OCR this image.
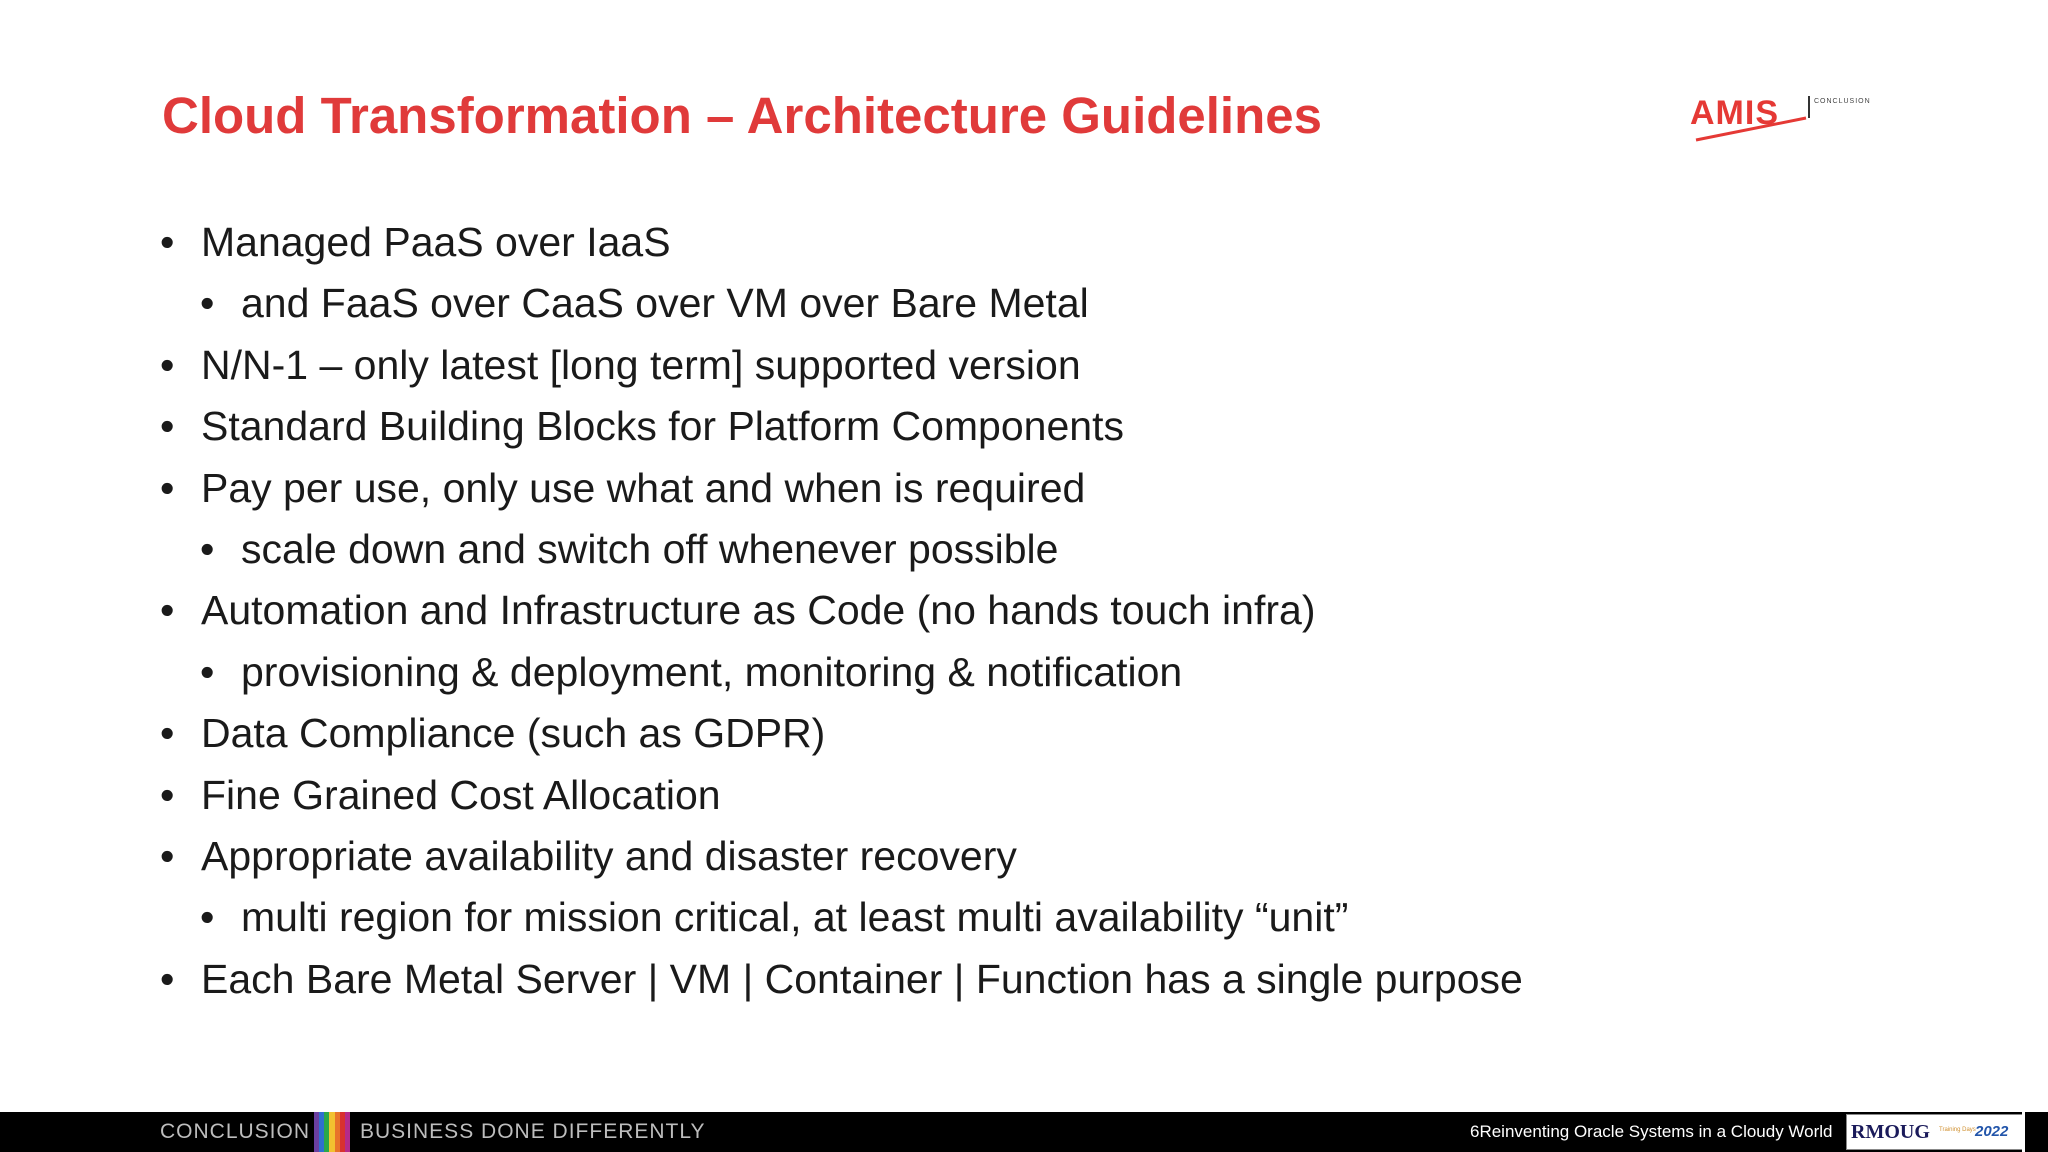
Cloud Transformation – Architecture Guidelines	AMIS	CONCLUSION
• Managed PaaS over IaaS
• and FaaS over CaaS over VM over Bare Metal
• N/N-1 – only latest [long term] supported version
• Standard Building Blocks for Platform Components
• Pay per use, only use what and when is required
• scale down and switch off whenever possible
• Automation and Infrastructure as Code (no hands touch infra)
• provisioning & deployment, monitoring & notification
• Data Compliance (such as GDPR)
• Fine Grained Cost Allocation
• Appropriate availability and disaster recovery
• multi region for mission critical, at least multi availability “unit”
• Each Bare Metal Server | VM | Container | Function has a single purpose
CONCLUSION BUSINESS DONE DIFFERENTLY	6Reinventing Oracle Systems in a Cloudy World RMOUG Training Days 2022
